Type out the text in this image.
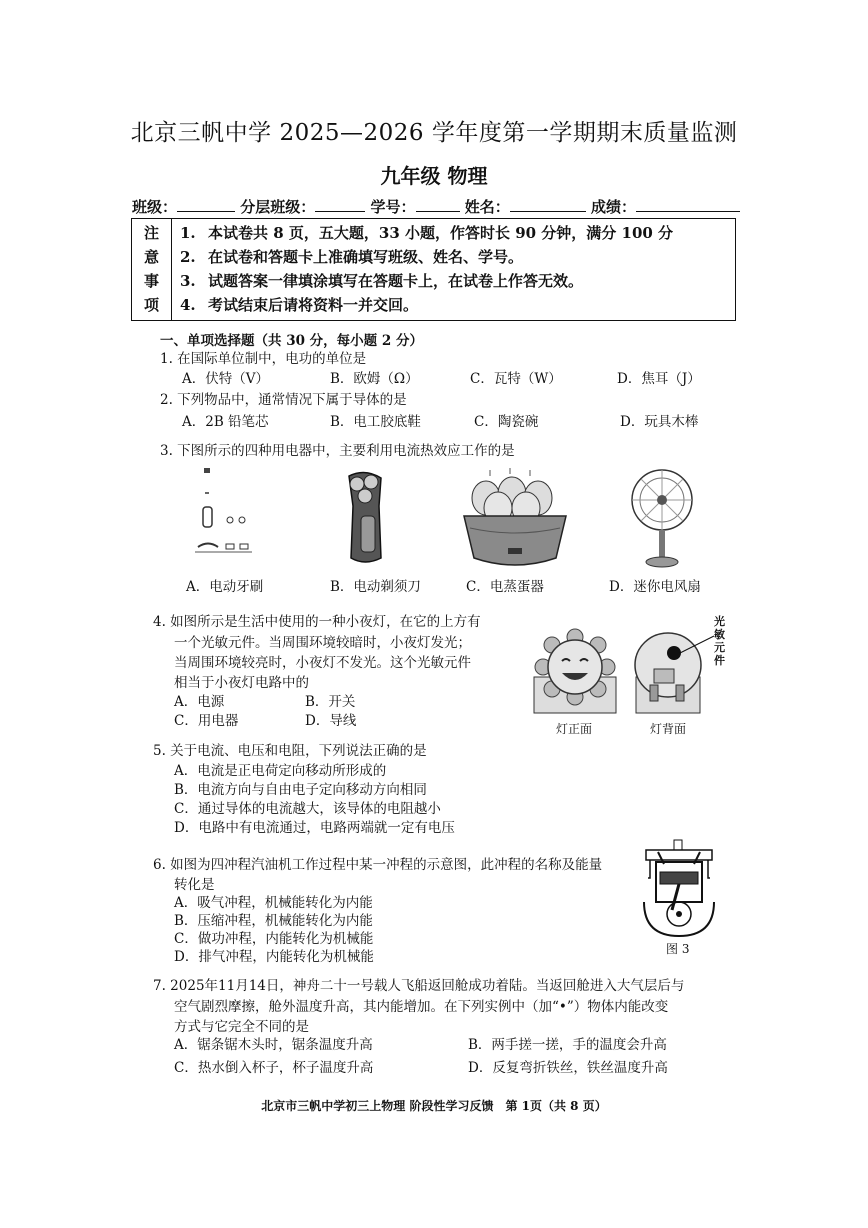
北京三帆中学 2025—2026 学年度第一学期期末质量监测
九年级 物理
班级：	分层班级：	学号：	姓名：	成绩：
注
意
事
项
1. 本试卷共 8 页，五大题，33 小题，作答时长 90 分钟，满分 100 分
2. 在试卷和答题卡上准确填写班级、姓名、学号。
3. 试题答案一律填涂填写在答题卡上，在试卷上作答无效。
4. 考试结束后请将资料一并交回。
一、单项选择题（共 30 分，每小题 2 分）
1. 在国际单位制中，电功的单位是
A．伏特（V）	B．欧姆（Ω）	C．瓦特（W）	D．焦耳（J）
2. 下列物品中，通常情况下属于导体的是
A．2B 铅笔芯	B．电工胶底鞋	C．陶瓷碗	D．玩具木棒
3. 下图所示的四种用电器中，主要利用电流热效应工作的是
A．电动牙刷	B．电动剃须刀	C．电蒸蛋器	D．迷你电风扇
4. 如图所示是生活中使用的一种小夜灯，在它的上方有
一个光敏元件。当周围环境较暗时，小夜灯发光；
当周围环境较亮时，小夜灯不发光。这个光敏元件
相当于小夜灯电路中的
A．电源	B．开关
C．用电器	D．导线
光敏元件
灯正面	灯背面
5. 关于电流、电压和电阻，下列说法正确的是
A．电流是正电荷定向移动所形成的
B．电流方向与自由电子定向移动方向相同
C．通过导体的电流越大，该导体的电阻越小
D．电路中有电流通过，电路两端就一定有电压
6. 如图为四冲程汽油机工作过程中某一冲程的示意图，此冲程的名称及能量
转化是
A．吸气冲程，机械能转化为内能
B．压缩冲程，机械能转化为内能
C．做功冲程，内能转化为机械能
D．排气冲程，内能转化为机械能	图 3
7. 2025年11月14日，神舟二十一号载人飞船返回舱成功着陆。当返回舱进入大气层后与
空气剧烈摩擦，舱外温度升高，其内能增加。在下列实例中（加“•”）物体内能改变
方式与它完全不同的是
A．锯条锯木头时，锯条温度升高	B．两手搓一搓，手的温度会升高
C．热水倒入杯子，杯子温度升高	D．反复弯折铁丝，铁丝温度升高
北京市三帆中学初三上物理 阶段性学习反馈　第 1页（共 8 页）
